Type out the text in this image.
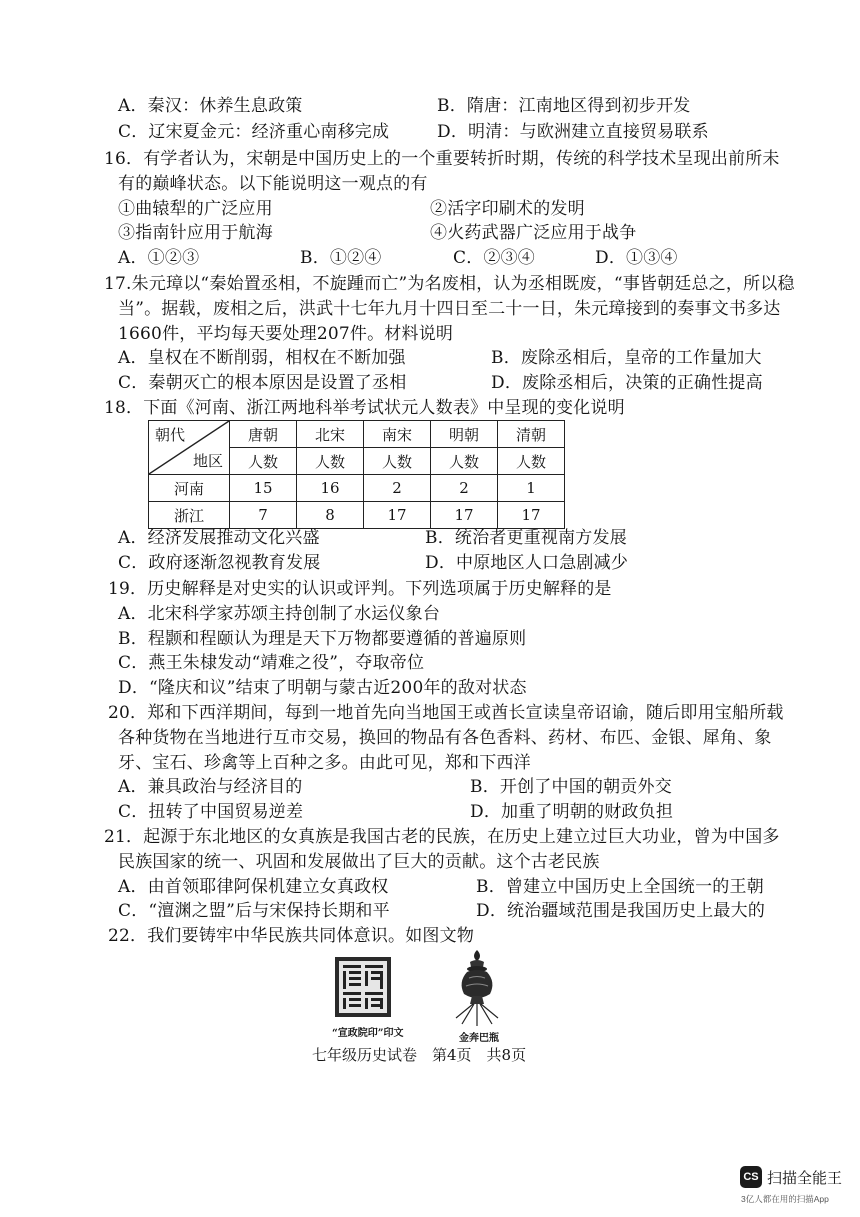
A．秦汉：休养生息政策	B．隋唐：江南地区得到初步开发
C．辽宋夏金元：经济重心南移完成	D．明清：与欧洲建立直接贸易联系
16．有学者认为，宋朝是中国历史上的一个重要转折时期，传统的科学技术呈现出前所未
有的巅峰状态。以下能说明这一观点的有
①曲辕犁的广泛应用	②活字印刷术的发明
③指南针应用于航海	④火药武器广泛应用于战争
A．①②③	B．①②④	C．②③④	D．①③④
17.朱元璋以“秦始置丞相，不旋踵而亡”为名废相，认为丞相既废，“事皆朝廷总之，所以稳
当”。据载，废相之后，洪武十七年九月十四日至二十一日，朱元璋接到的奏事文书多达
1660件，平均每天要处理207件。材料说明
A．皇权在不断削弱，相权在不断加强	B．废除丞相后，皇帝的工作量加大
C．秦朝灭亡的根本原因是设置了丞相	D．废除丞相后，决策的正确性提高
18．下面《河南、浙江两地科举考试状元人数表》中呈现的变化说明
朝代
地区	唐朝	北宋	南宋	明朝	清朝
	人数	人数	人数	人数	人数
河南	15	16	2	2	1
浙江	7	8	17	17	17
A．经济发展推动文化兴盛	B．统治者更重视南方发展
C．政府逐渐忽视教育发展	D．中原地区人口急剧减少
19．历史解释是对史实的认识或评判。下列选项属于历史解释的是
A．北宋科学家苏颂主持创制了水运仪象台
B．程颢和程颐认为理是天下万物都要遵循的普遍原则
C．燕王朱棣发动“靖难之役”，夺取帝位
D．“隆庆和议”结束了明朝与蒙古近200年的敌对状态
20．郑和下西洋期间，每到一地首先向当地国王或酋长宣读皇帝诏谕，随后即用宝船所载
各种货物在当地进行互市交易，换回的物品有各色香料、药材、布匹、金银、犀角、象
牙、宝石、珍禽等上百种之多。由此可见，郑和下西洋
A．兼具政治与经济目的	B．开创了中国的朝贡外交
C．扭转了中国贸易逆差	D．加重了明朝的财政负担
21．起源于东北地区的女真族是我国古老的民族，在历史上建立过巨大功业，曾为中国多
民族国家的统一、巩固和发展做出了巨大的贡献。这个古老民族
A．由首领耶律阿保机建立女真政权	B．曾建立中国历史上全国统一的王朝
C．“澶渊之盟”后与宋保持长期和平	D．统治疆域范围是我国历史上最大的
22．我们要铸牢中华民族共同体意识。如图文物
“宣政院印”印文	金奔巴瓶
七年级历史试卷　第4页　共8页
CS 扫描全能王
3亿人都在用的扫描App
